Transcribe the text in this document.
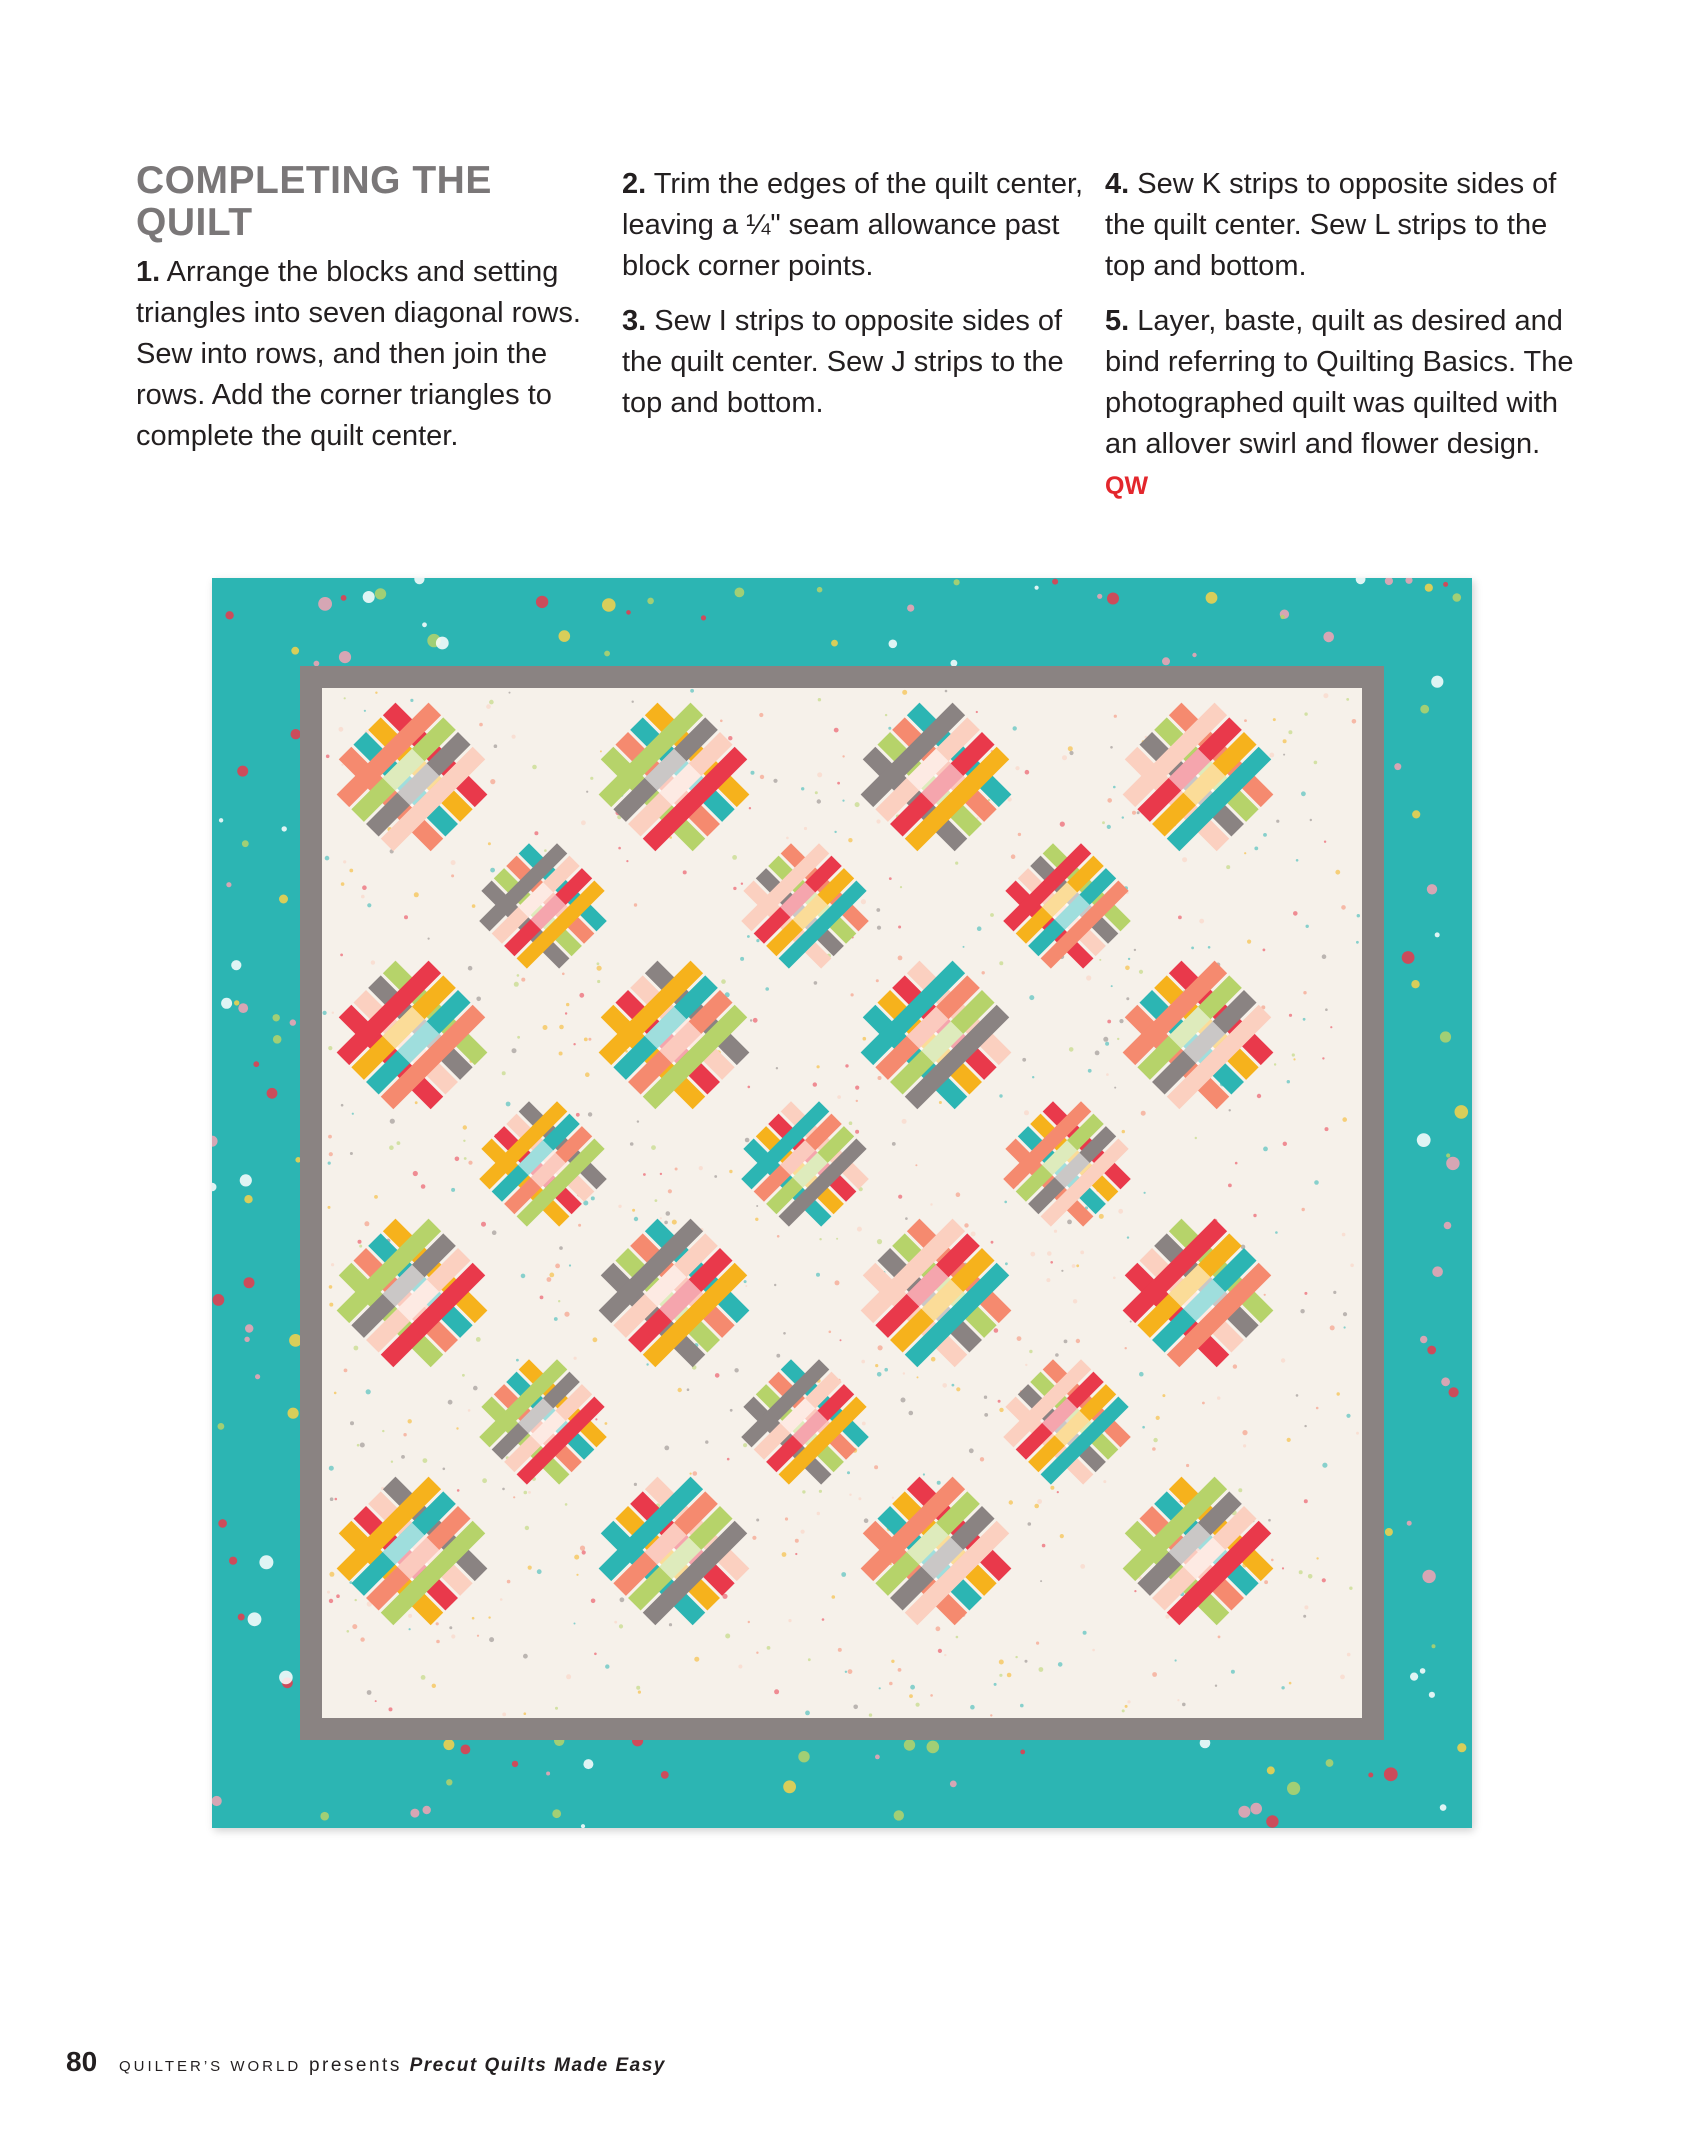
COMPLETING THE QUILT

1. Arrange the blocks and setting triangles into seven diagonal rows. Sew into rows, and then join the rows. Add the corner triangles to complete the quilt center.

2. Trim the edges of the quilt center, leaving a ¼" seam allowance past block corner points.

3. Sew I strips to opposite sides of the quilt center. Sew J strips to the top and bottom.

4. Sew K strips to opposite sides of the quilt center. Sew L strips to the top and bottom.

5. Layer, baste, quilt as desired and bind referring to Quilting Basics. The photographed quilt was quilted with an allover swirl and flower design. QW

80 QUILTER’S WORLD presents Precut Quilts Made Easy
